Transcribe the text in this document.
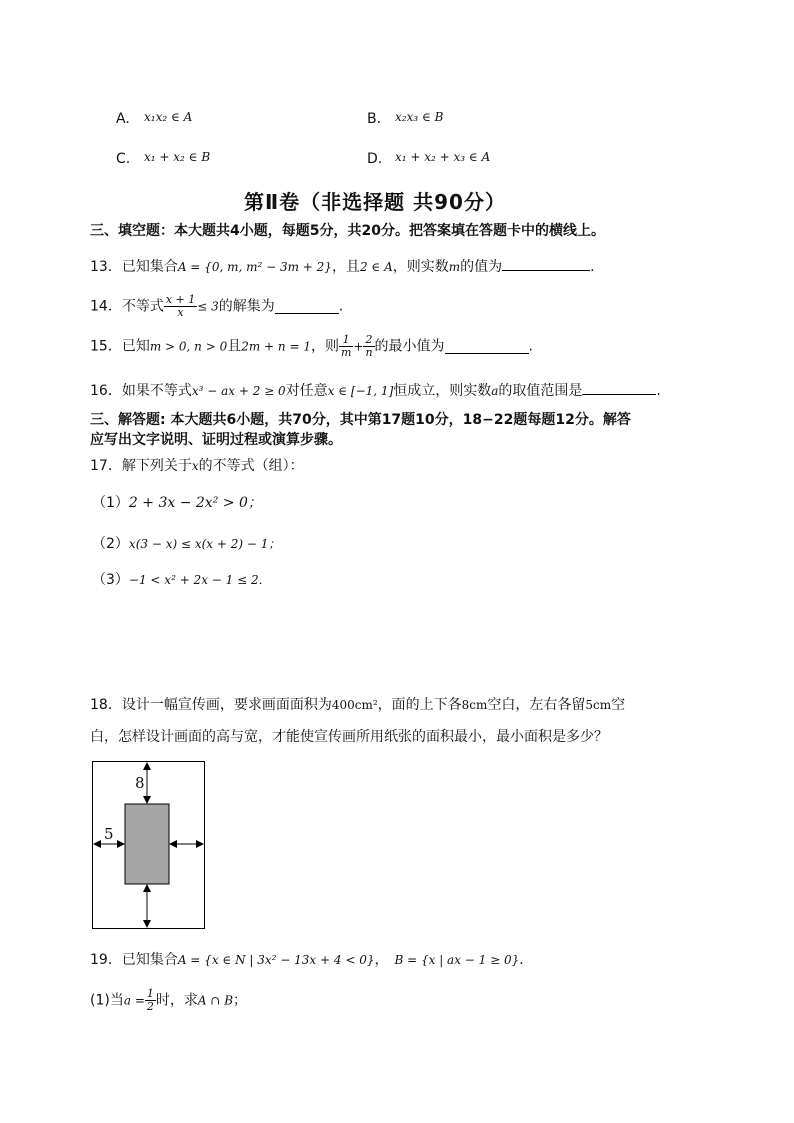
A. x₁x₂ ∈ A	B. x₂x₃ ∈ B
C. x₁ + x₂ ∈ B	D. x₁ + x₂ + x₃ ∈ A
第Ⅱ卷（非选择题 共90分）
三、填空题：本大题共4小题，每题5分，共20分。把答案填在答题卡中的横线上。
13．已知集合A = {0, m, m² − 3m + 2}，且2 ∈ A，则实数m的值为	.
14．不等式 $\frac{x + 1}{x} \le 3$的解集为	.
15．已知m > 0, n > 0且2m + n = 1，则 $\frac{1}{m} + \frac{2}{n}$ 的最小值为	.
16．如果不等式x³ − ax + 2 ≥ 0对任意x ∈ [−1, 1]恒成立，则实数a的取值范围是	.
三、解答题: 本大题共6小题，共70分，其中第17题10分，18−22题每题12分。解答
应写出文字说明、证明过程或演算步骤。
17．解下列关于x的不等式（组）：
（1）2 + 3x − 2x² > 0；
（2）x(3 − x) ≤ x(x + 2) − 1；
（3）−1 < x² + 2x − 1 ≤ 2．
18．设计一幅宣传画，要求画面面积为400cm²，面的上下各8cm空白，左右各留5cm空
白，怎样设计画面的高与宽，才能使宣传画所用纸张的面积最小，最小面积是多少？
8
5
19．已知集合A = {x ∈ N | 3x² − 13x + 4 < 0}， B = {x | ax − 1 ≥ 0}．
(1)当$a = \frac{1}{2}$ 时，求A ∩ B；
